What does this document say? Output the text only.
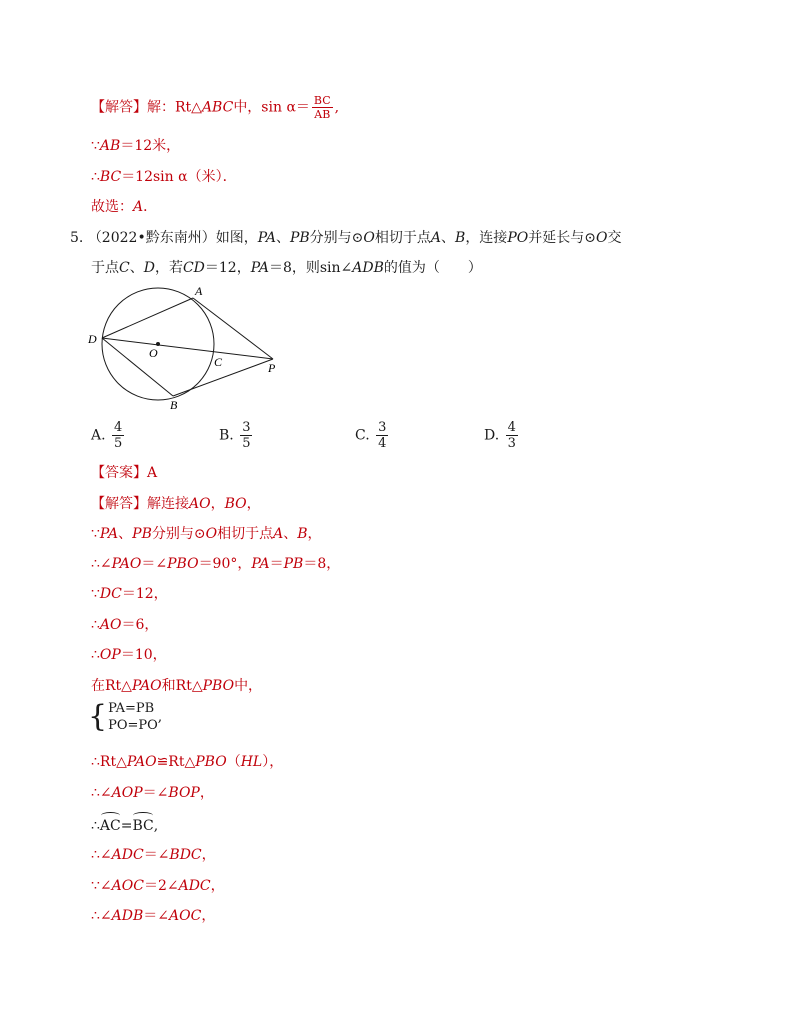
【解答】解：Rt△ABC中，$\sin \alpha= \frac{BC}{AB}$ ,
∵AB＝12米，
∴BC＝12sin α（米）．
故选：A．
5. （2022•黔东南州）如图，PA、PB分别与⊙O相切于点A、B，连接PO并延长与⊙O交
于点C、D，若CD＝12，PA＝8，则sin∠ADB的值为（　　）
A
B
C
D
O
P
A. $\frac{4}{5}$	B. $\frac{3}{5}$	C. $\frac{3}{4}$	D. $\frac{4}{3}$
【答案】A
【解答】解连接AO，BO，
∵PA、PB分别与⊙O相切于点A、B，
∴∠PAO＝∠PBO＝90°，PA＝PB＝8，
∵DC＝12，
∴AO＝6，
∴OP＝10，
在Rt△PAO和Rt△PBO中，
{ PA=PB
PO=PO
,
∴Rt△PAO≌Rt△PBO（HL），
∴∠AOP＝∠BOP，
∴AC=BC,
∴∠ADC＝∠BDC，
∵∠AOC＝2∠ADC，
∴∠ADB＝∠AOC，
